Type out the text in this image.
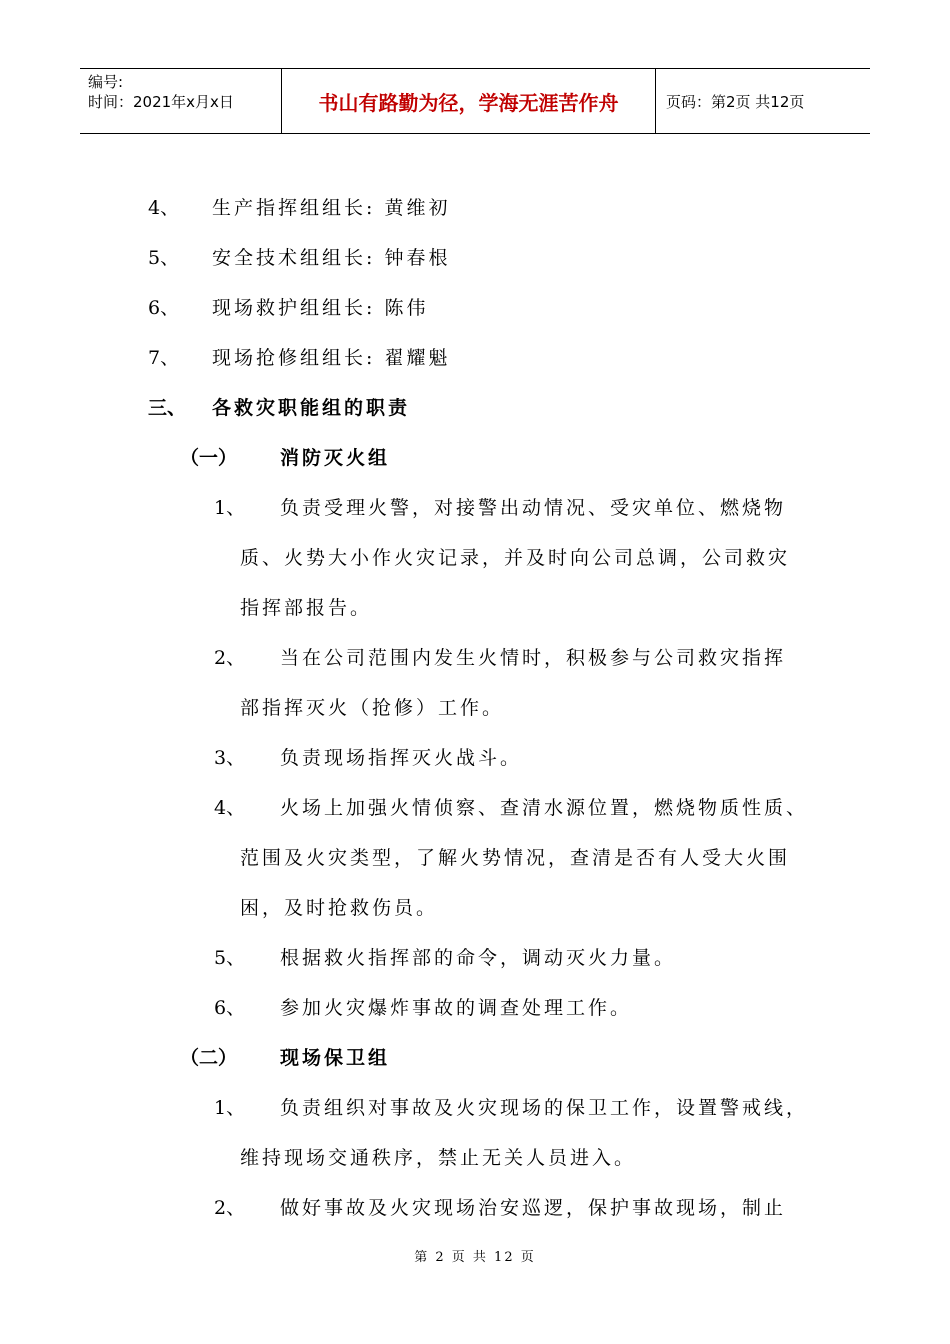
编号:
时间：2021年x月x日	书山有路勤为径，学海无涯苦作舟	页码：第2页 共12页
4、 生产指挥组组长: 黄维初
5、 安全技术组组长: 钟春根
6、 现场救护组组长: 陈伟
7、 现场抢修组组长: 翟耀魁
三、 各救灾职能组的职责
（一） 消防灭火组
1、 负责受理火警，对接警出动情况、受灾单位、燃烧物
质、火势大小作火灾记录，并及时向公司总调，公司救灾
指挥部报告。
2、 当在公司范围内发生火情时，积极参与公司救灾指挥
部指挥灭火（抢修）工作。
3、 负责现场指挥灭火战斗。
4、 火场上加强火情侦察、查清水源位置，燃烧物质性质、
范围及火灾类型，了解火势情况，查清是否有人受大火围
困，及时抢救伤员。
5、 根据救火指挥部的命令，调动灭火力量。
6、 参加火灾爆炸事故的调查处理工作。
（二） 现场保卫组
1、 负责组织对事故及火灾现场的保卫工作，设置警戒线，
维持现场交通秩序，禁止无关人员进入。
2、 做好事故及火灾现场治安巡逻，保护事故现场，制止
第 2 页 共 12 页
